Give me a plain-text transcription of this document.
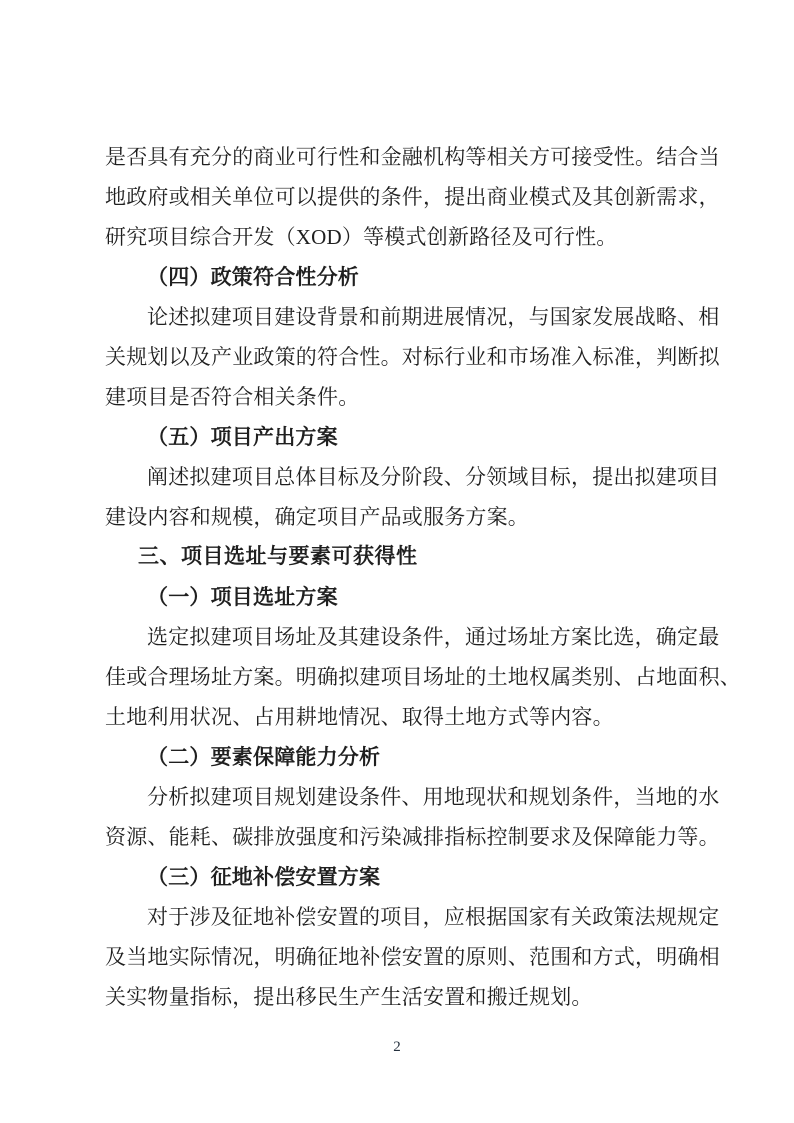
是否具有充分的商业可行性和金融机构等相关方可接受性。结合当
地政府或相关单位可以提供的条件，提出商业模式及其创新需求，
研究项目综合开发（XOD）等模式创新路径及可行性。
（四）政策符合性分析
论述拟建项目建设背景和前期进展情况，与国家发展战略、相
关规划以及产业政策的符合性。对标行业和市场准入标准，判断拟
建项目是否符合相关条件。
（五）项目产出方案
阐述拟建项目总体目标及分阶段、分领域目标，提出拟建项目
建设内容和规模，确定项目产品或服务方案。
三、项目选址与要素可获得性
（一）项目选址方案
选定拟建项目场址及其建设条件，通过场址方案比选，确定最
佳或合理场址方案。明确拟建项目场址的土地权属类别、占地面积、
土地利用状况、占用耕地情况、取得土地方式等内容。
（二）要素保障能力分析
分析拟建项目规划建设条件、用地现状和规划条件，当地的水
资源、能耗、碳排放强度和污染减排指标控制要求及保障能力等。
（三）征地补偿安置方案
对于涉及征地补偿安置的项目，应根据国家有关政策法规规定
及当地实际情况，明确征地补偿安置的原则、范围和方式，明确相
关实物量指标，提出移民生产生活安置和搬迁规划。
2
